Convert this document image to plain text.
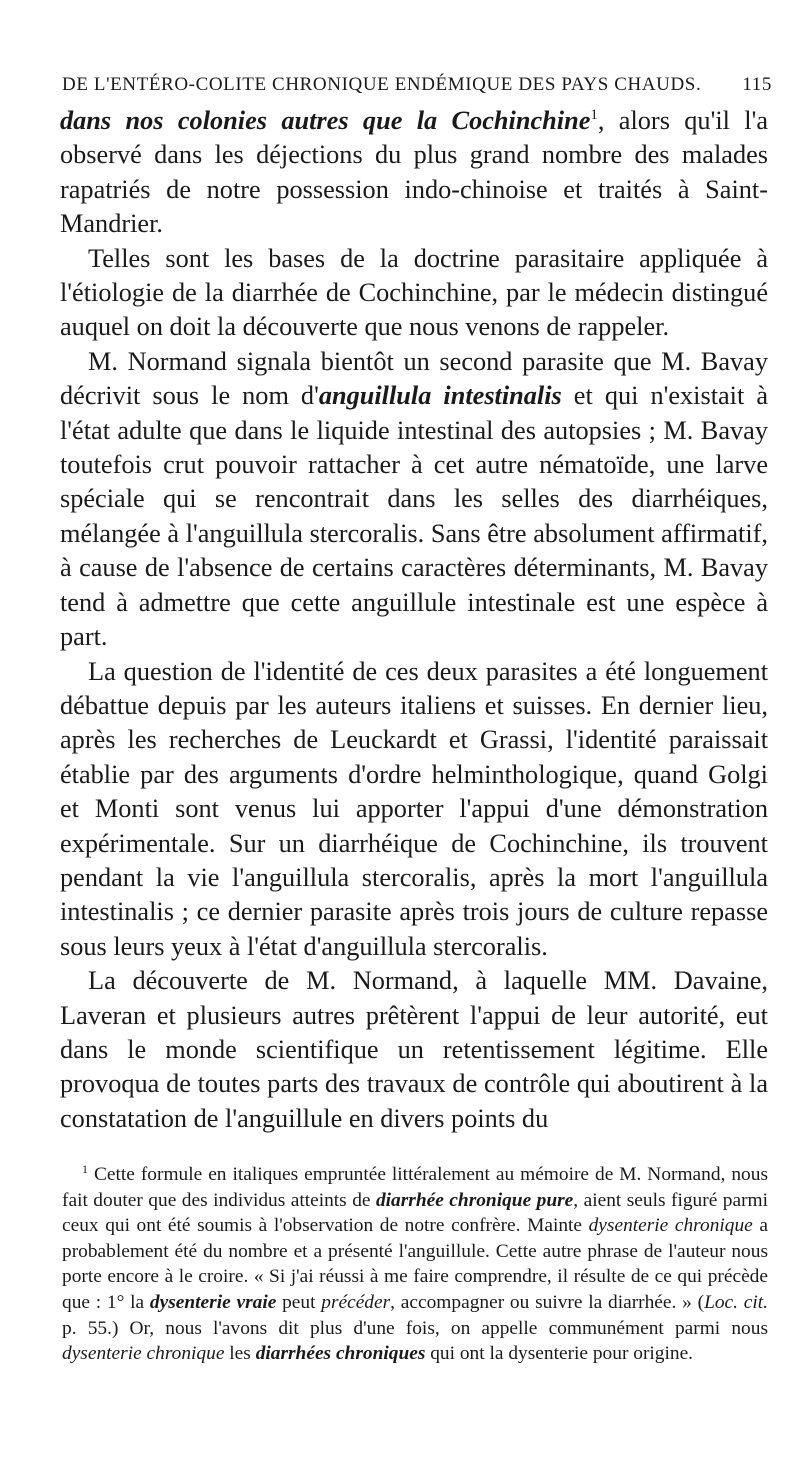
DE L'ENTÉRO-COLITE CHRONIQUE ENDÉMIQUE DES PAYS CHAUDS. 115

dans nos colonies autres que la Cochinchine$^1$, alors qu'il l'a observé dans les déjections du plus grand nombre des malades rapatriés de notre possession indo-chinoise et traités à Saint-Mandrier.

Telles sont les bases de la doctrine parasitaire appliquée à l'étiologie de la diarrhée de Cochinchine, par le médecin distingué auquel on doit la découverte que nous venons de rappeler.

M. Normand signala bientôt un second parasite que M. Bavay décrivit sous le nom d'anguillula intestinalis et qui n'existait à l'état adulte que dans le liquide intestinal des autopsies ; M. Bavay toutefois crut pouvoir rattacher à cet autre nématoïde, une larve spéciale qui se rencontrait dans les selles des diarrhéiques, mélangée à l'anguillula stercoralis. Sans être absolument affirmatif, à cause de l'absence de certains caractères déterminants, M. Bavay tend à admettre que cette anguillule intestinale est une espèce à part.

La question de l'identité de ces deux parasites a été longuement débattue depuis par les auteurs italiens et suisses. En dernier lieu, après les recherches de Leuckardt et Grassi, l'identité paraissait établie par des arguments d'ordre helminthologique, quand Golgi et Monti sont venus lui apporter l'appui d'une démonstration expérimentale. Sur un diarrhéique de Cochinchine, ils trouvent pendant la vie l'anguillula stercoralis, après la mort l'anguillula intestinalis ; ce dernier parasite après trois jours de culture repasse sous leurs yeux à l'état d'anguillula stercoralis.

La découverte de M. Normand, à laquelle MM. Davaine, Laveran et plusieurs autres prêtèrent l'appui de leur autorité, eut dans le monde scientifique un retentissement légitime. Elle provoqua de toutes parts des travaux de contrôle qui aboutirent à la constatation de l'anguillule en divers points du

$^1$ Cette formule en italiques empruntée littéralement au mémoire de M. Normand, nous fait douter que des individus atteints de diarrhée chronique pure, aient seuls figuré parmi ceux qui ont été soumis à l'observation de notre confrère. Mainte dysenterie chronique a probablement été du nombre et a présenté l'anguillule. Cette autre phrase de l'auteur nous porte encore à le croire. « Si j'ai réussi à me faire comprendre, il résulte de ce qui précède que : 1° la dysenterie vraie peut précéder, accompagner ou suivre la diarrhée. » (Loc. cit. p. 55.) Or, nous l'avons dit plus d'une fois, on appelle communément parmi nous dysenterie chronique les diarrhées chroniques qui ont la dysenterie pour origine.
